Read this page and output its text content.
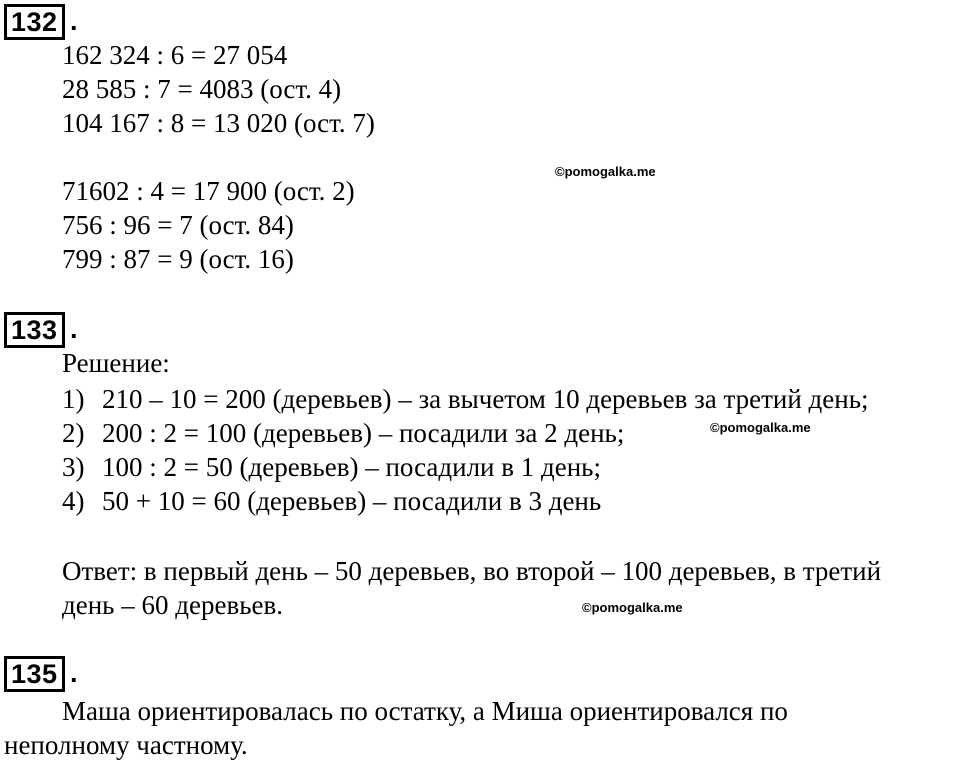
132 .
162 324 : 6 = 27 054
28 585 : 7 = 4083 (ост. 4)
104 167 : 8 = 13 020 (ост. 7)
©pomogalka.me
71602 : 4 = 17 900 (ост. 2)
756 : 96 = 7 (ост. 84)
799 : 87 = 9 (ост. 16)
133 .
Решение:
1) 210 – 10 = 200 (деревьев) – за вычетом 10 деревьев за третий день;
2) 200 : 2 = 100 (деревьев) – посадили за 2 день;	©pomogalka.me
3) 100 : 2 = 50 (деревьев) – посадили в 1 день;
4) 50 + 10 = 60 (деревьев) – посадили в 3 день
Ответ: в первый день – 50 деревьев, во второй – 100 деревьев, в третий
день – 60 деревьев.	©pomogalka.me
135 .
Маша ориентировалась по остатку, а Миша ориентировался по
неполному частному.
